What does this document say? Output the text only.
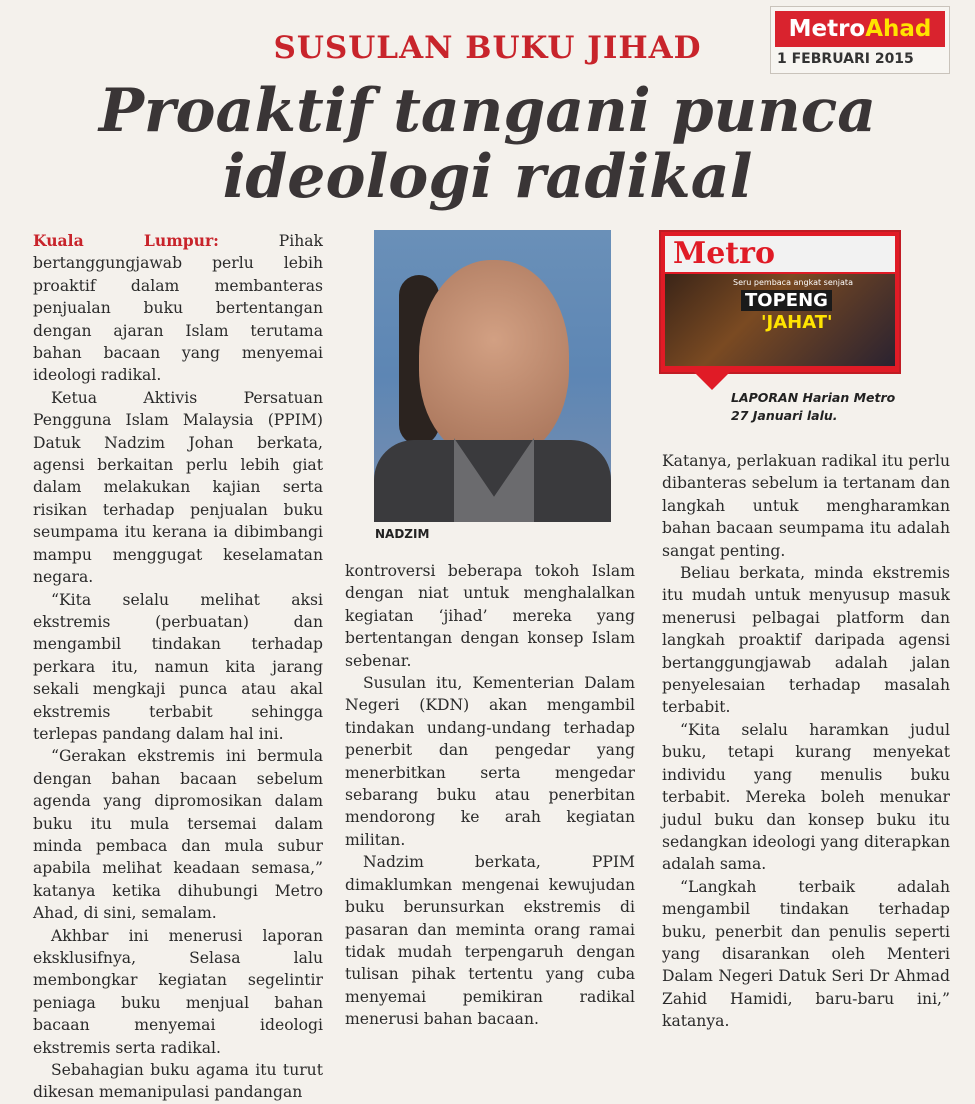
MetroAhad
1 FEBRUARI 2015
SUSULAN BUKU JIHAD
Proaktif tangani punca
ideologi radikal

Kuala Lumpur:	Pihak bertanggungjawab perlu lebih proaktif dalam membanteras penjualan buku bertentangan dengan ajaran Islam terutama bahan bacaan yang menyemai ideologi radikal.

Ketua Aktivis Persatuan Pengguna Islam Malaysia (PPIM) Datuk Nadzim Johan berkata, agensi berkaitan perlu lebih giat dalam melakukan kajian serta risikan terhadap penjualan buku seumpama itu kerana ia dibimbangi mampu menggugat keselamatan negara.

“Kita selalu melihat aksi ekstremis (perbuatan) dan mengambil tindakan terhadap perkara itu, namun kita jarang sekali mengkaji punca atau akal ekstremis terbabit sehingga terlepas pandang dalam hal ini.

“Gerakan ekstremis ini bermula dengan bahan bacaan sebelum agenda yang dipromosikan dalam buku itu mula tersemai dalam minda pembaca dan mula subur apabila melihat keadaan semasa,” katanya ketika dihubungi Metro Ahad, di sini, semalam.

Akhbar ini menerusi laporan eksklusifnya, Selasa lalu membongkar kegiatan segelintir peniaga buku menjual bahan bacaan menyemai ideologi ekstremis serta radikal.

Sebahagian buku agama itu turut dikesan memanipulasi pandangan

NADZIM

kontroversi beberapa tokoh Islam dengan niat untuk menghalalkan kegiatan ‘jihad’ mereka yang bertentangan dengan konsep Islam sebenar.

Susulan itu, Kementerian Dalam Negeri (KDN) akan mengambil tindakan undang-undang terhadap penerbit dan pengedar yang menerbitkan serta mengedar sebarang buku atau penerbitan mendorong ke arah kegiatan militan.

Nadzim berkata, PPIM dimaklumkan mengenai kewujudan buku berunsurkan ekstremis di pasaran dan meminta orang ramai tidak mudah terpengaruh dengan tulisan pihak tertentu yang cuba menyemai pemikiran radikal menerusi bahan bacaan.

Metro
Seru pembaca angkat senjata
TOPENG
'JAHAT'
LAPORAN Harian Metro
27 Januari lalu.

Katanya, perlakuan radikal itu perlu dibanteras sebelum ia tertanam dan langkah untuk mengharamkan bahan bacaan seumpama itu adalah sangat penting.

Beliau berkata, minda ekstremis itu mudah untuk menyusup masuk menerusi pelbagai platform dan langkah proaktif daripada agensi bertanggungjawab adalah jalan penyelesaian terhadap masalah terbabit.

“Kita selalu haramkan judul buku, tetapi kurang menyekat individu yang menulis buku terbabit. Mereka boleh menukar judul buku dan konsep buku itu sedangkan ideologi yang diterapkan adalah sama.

“Langkah terbaik adalah mengambil tindakan terhadap buku, penerbit dan penulis seperti yang disarankan oleh Menteri Dalam Negeri Datuk Seri Dr Ahmad Zahid Hamidi, baru-baru ini,” katanya.
